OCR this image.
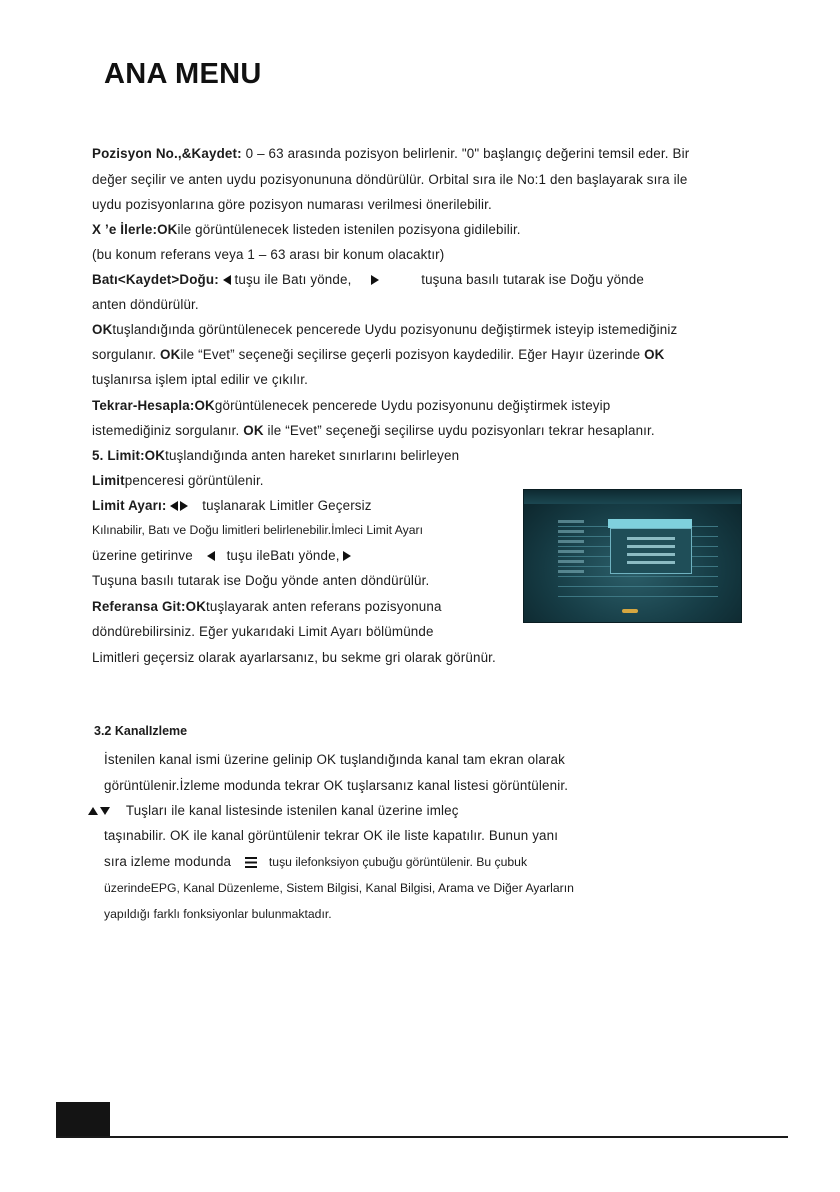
ANA MENU
Pozisyon No.,&Kaydet: 0 – 63 arasında pozisyon belirlenir. "0" başlangıç değerini temsil eder. Bir
değer seçilir ve anten uydu pozisyonununa döndürülür. Orbital sıra ile No:1 den başlayarak sıra ile
uydu pozisyonlarına göre pozisyon numarası verilmesi önerilebilir.
X ’e İlerle:OKile görüntülenecek listeden istenilen pozisyona gidilebilir.
(bu konum referans veya 1 – 63 arası bir konum olacaktır)
Batı<Kaydet>Doğu:  tuşu ile Batı yönde,	tuşuna basılı tutarak ise Doğu yönde
anten döndürülür.
OKtuşlandığında görüntülenecek pencerede Uydu pozisyonunu değiştirmek isteyip istemediğiniz
sorgulanır. OKile “Evet” seçeneği seçilirse geçerli pozisyon kaydedilir. Eğer Hayır üzerinde OK
tuşlanırsa işlem iptal edilir ve çıkılır.
Tekrar-Hesapla:OKgörüntülenecek pencerede Uydu pozisyonunu değiştirmek isteyip
istemediğiniz sorgulanır. OK ile “Evet” seçeneği seçilirse uydu pozisyonları tekrar hesaplanır.
5. Limit:OKtuşlandığında anten hareket sınırlarını belirleyen
Limitpenceresi görüntülenir.
Limit Ayarı:	tuşlanarak Limitler Geçersiz
Kılınabilir, Batı ve Doğu limitleri belirlenebilir.İmleci Limit Ayarı
üzerine getirinve	tuşu ileBatı yönde,
Tuşuna basılı tutarak ise Doğu yönde anten döndürülür.
Referansa Git:OKtuşlayarak anten referans pozisyonuna
döndürebilirsiniz. Eğer yukarıdaki Limit Ayarı bölümünde
Limitleri geçersiz olarak ayarlarsanız, bu sekme gri olarak görünür.
3.2 KanalIzleme
İstenilen kanal ismi üzerine gelinip OK tuşlandığında kanal tam ekran olarak
görüntülenir.İzleme modunda tekrar OK tuşlarsanız kanal listesi görüntülenir.
Tuşları ile kanal listesinde istenilen kanal üzerine imleç
taşınabilir. OK ile kanal görüntülenir tekrar OK ile liste kapatılır. Bunun yanı
sıra izleme modunda	tuşu ilefonksiyon çubuğu görüntülenir. Bu çubuk
üzerindeEPG, Kanal Düzenleme, Sistem Bilgisi, Kanal Bilgisi, Arama ve Diğer Ayarların
yapıldığı farklı fonksiyonlar bulunmaktadır.
